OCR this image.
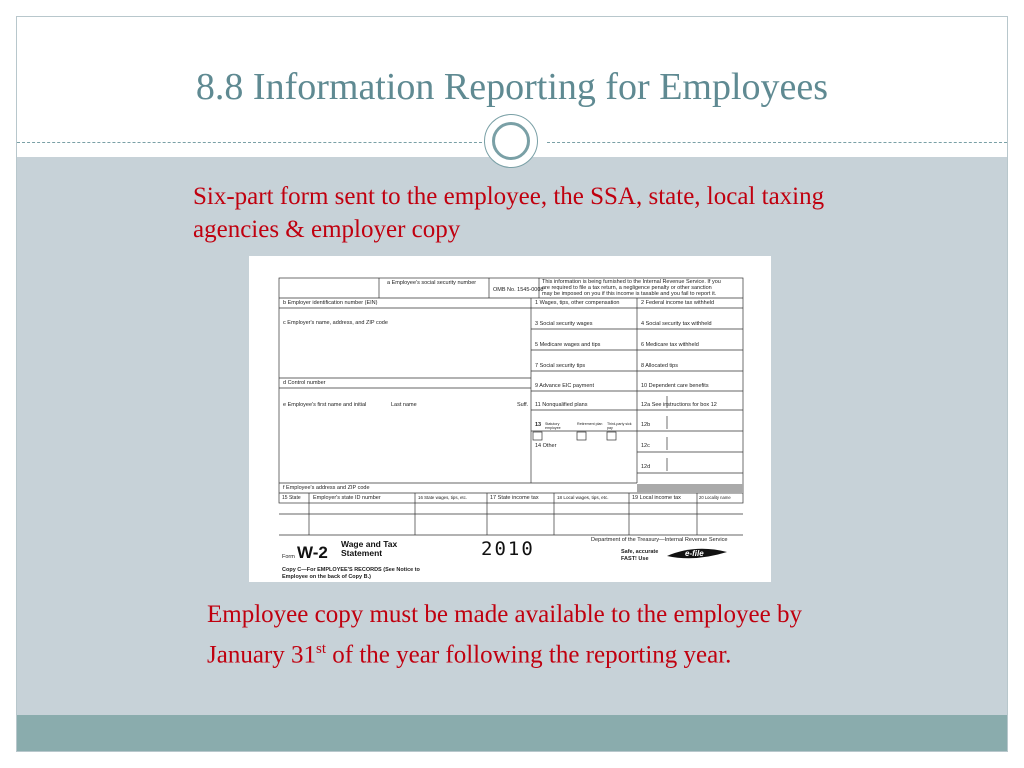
8.8 Information Reporting for Employees
Six-part form sent to the employee, the SSA, state, local taxing agencies & employer copy
a Employee's social security number
OMB No. 1545-0008
This information is being furnished to the Internal Revenue Service. If you
are required to file a tax return, a negligence penalty or other sanction
may be imposed on you if this income is taxable and you fail to report it.
b Employer identification number (EIN)
c Employer's name, address, and ZIP code
d Control number
e Employee's first name and initial	Last name	Suff.
f Employee's address and ZIP code
1 Wages, tips, other compensation	2 Federal income tax withheld
3 Social security wages	4 Social security tax withheld
5 Medicare wages and tips	6 Medicare tax withheld
7 Social security tips	8 Allocated tips
9 Advance EIC payment	10 Dependent care benefits
11 Nonqualified plans	12a See instructions for box 12
12b
12c
12d
13 Statutory employee
Retirement plan Third-party sick pay
14 Other
15 State Employer's state ID number	16 State wages, tips, etc.	17 State income tax	18 Local wages, tips, etc.	19 Local income tax	20 Locality name
Form W-2 Wage and Tax
Statement	2010	Department of the Treasury—Internal Revenue Service
Safe, accurate
FAST! Use
e-file
Copy C—For EMPLOYEE'S RECORDS (See Notice to
Employee on the back of Copy B.)
Employee copy must be made available to the employee by January 31st of the year following the reporting year.
